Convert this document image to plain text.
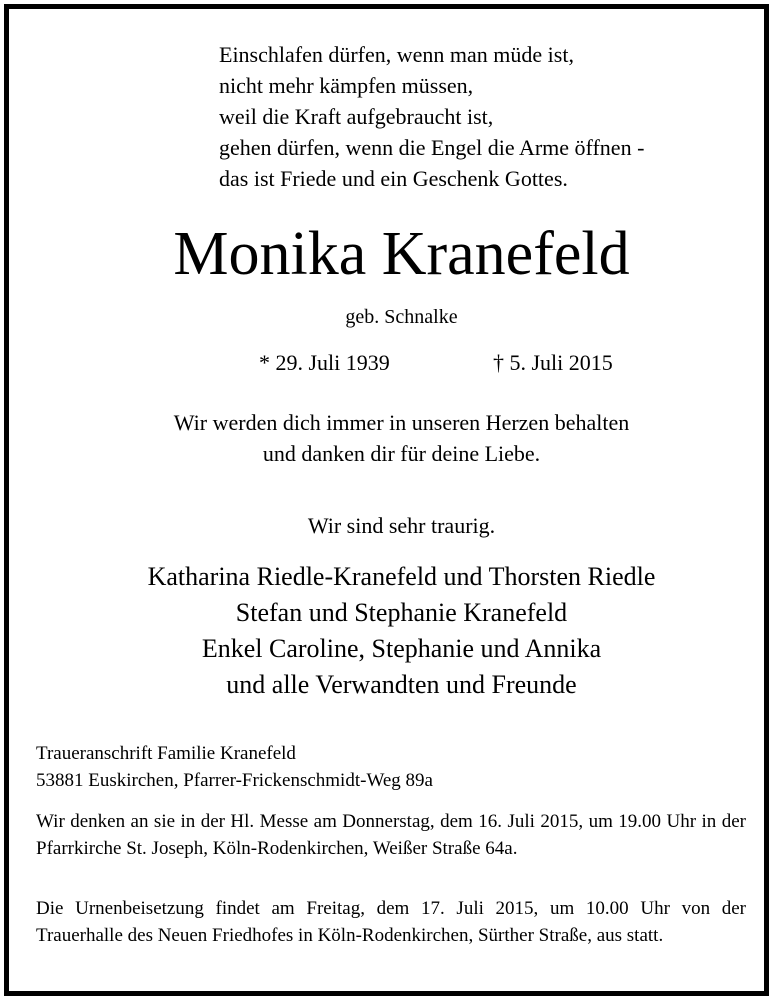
Einschlafen dürfen, wenn man müde ist,
nicht mehr kämpfen müssen,
weil die Kraft aufgebraucht ist,
gehen dürfen, wenn die Engel die Arme öffnen -
das ist Friede und ein Geschenk Gottes.
Monika Kranefeld
geb. Schnalke
* 29. Juli 1939	† 5. Juli 2015
Wir werden dich immer in unseren Herzen behalten
und danken dir für deine Liebe.
Wir sind sehr traurig.
Katharina Riedle-Kranefeld und Thorsten Riedle
Stefan und Stephanie Kranefeld
Enkel Caroline, Stephanie und Annika
und alle Verwandten und Freunde
Traueranschrift Familie Kranefeld
53881 Euskirchen, Pfarrer-Frickenschmidt-Weg 89a
Wir denken an sie in der Hl. Messe am Donnerstag, dem 16. Juli 2015, um 19.00 Uhr in der Pfarrkirche St. Joseph, Köln-Rodenkirchen, Weißer Straße 64a.
Die Urnenbeisetzung findet am Freitag, dem 17. Juli 2015, um 10.00 Uhr von der Trauerhalle des Neuen Friedhofes in Köln-Rodenkirchen, Sürther Straße, aus statt.
